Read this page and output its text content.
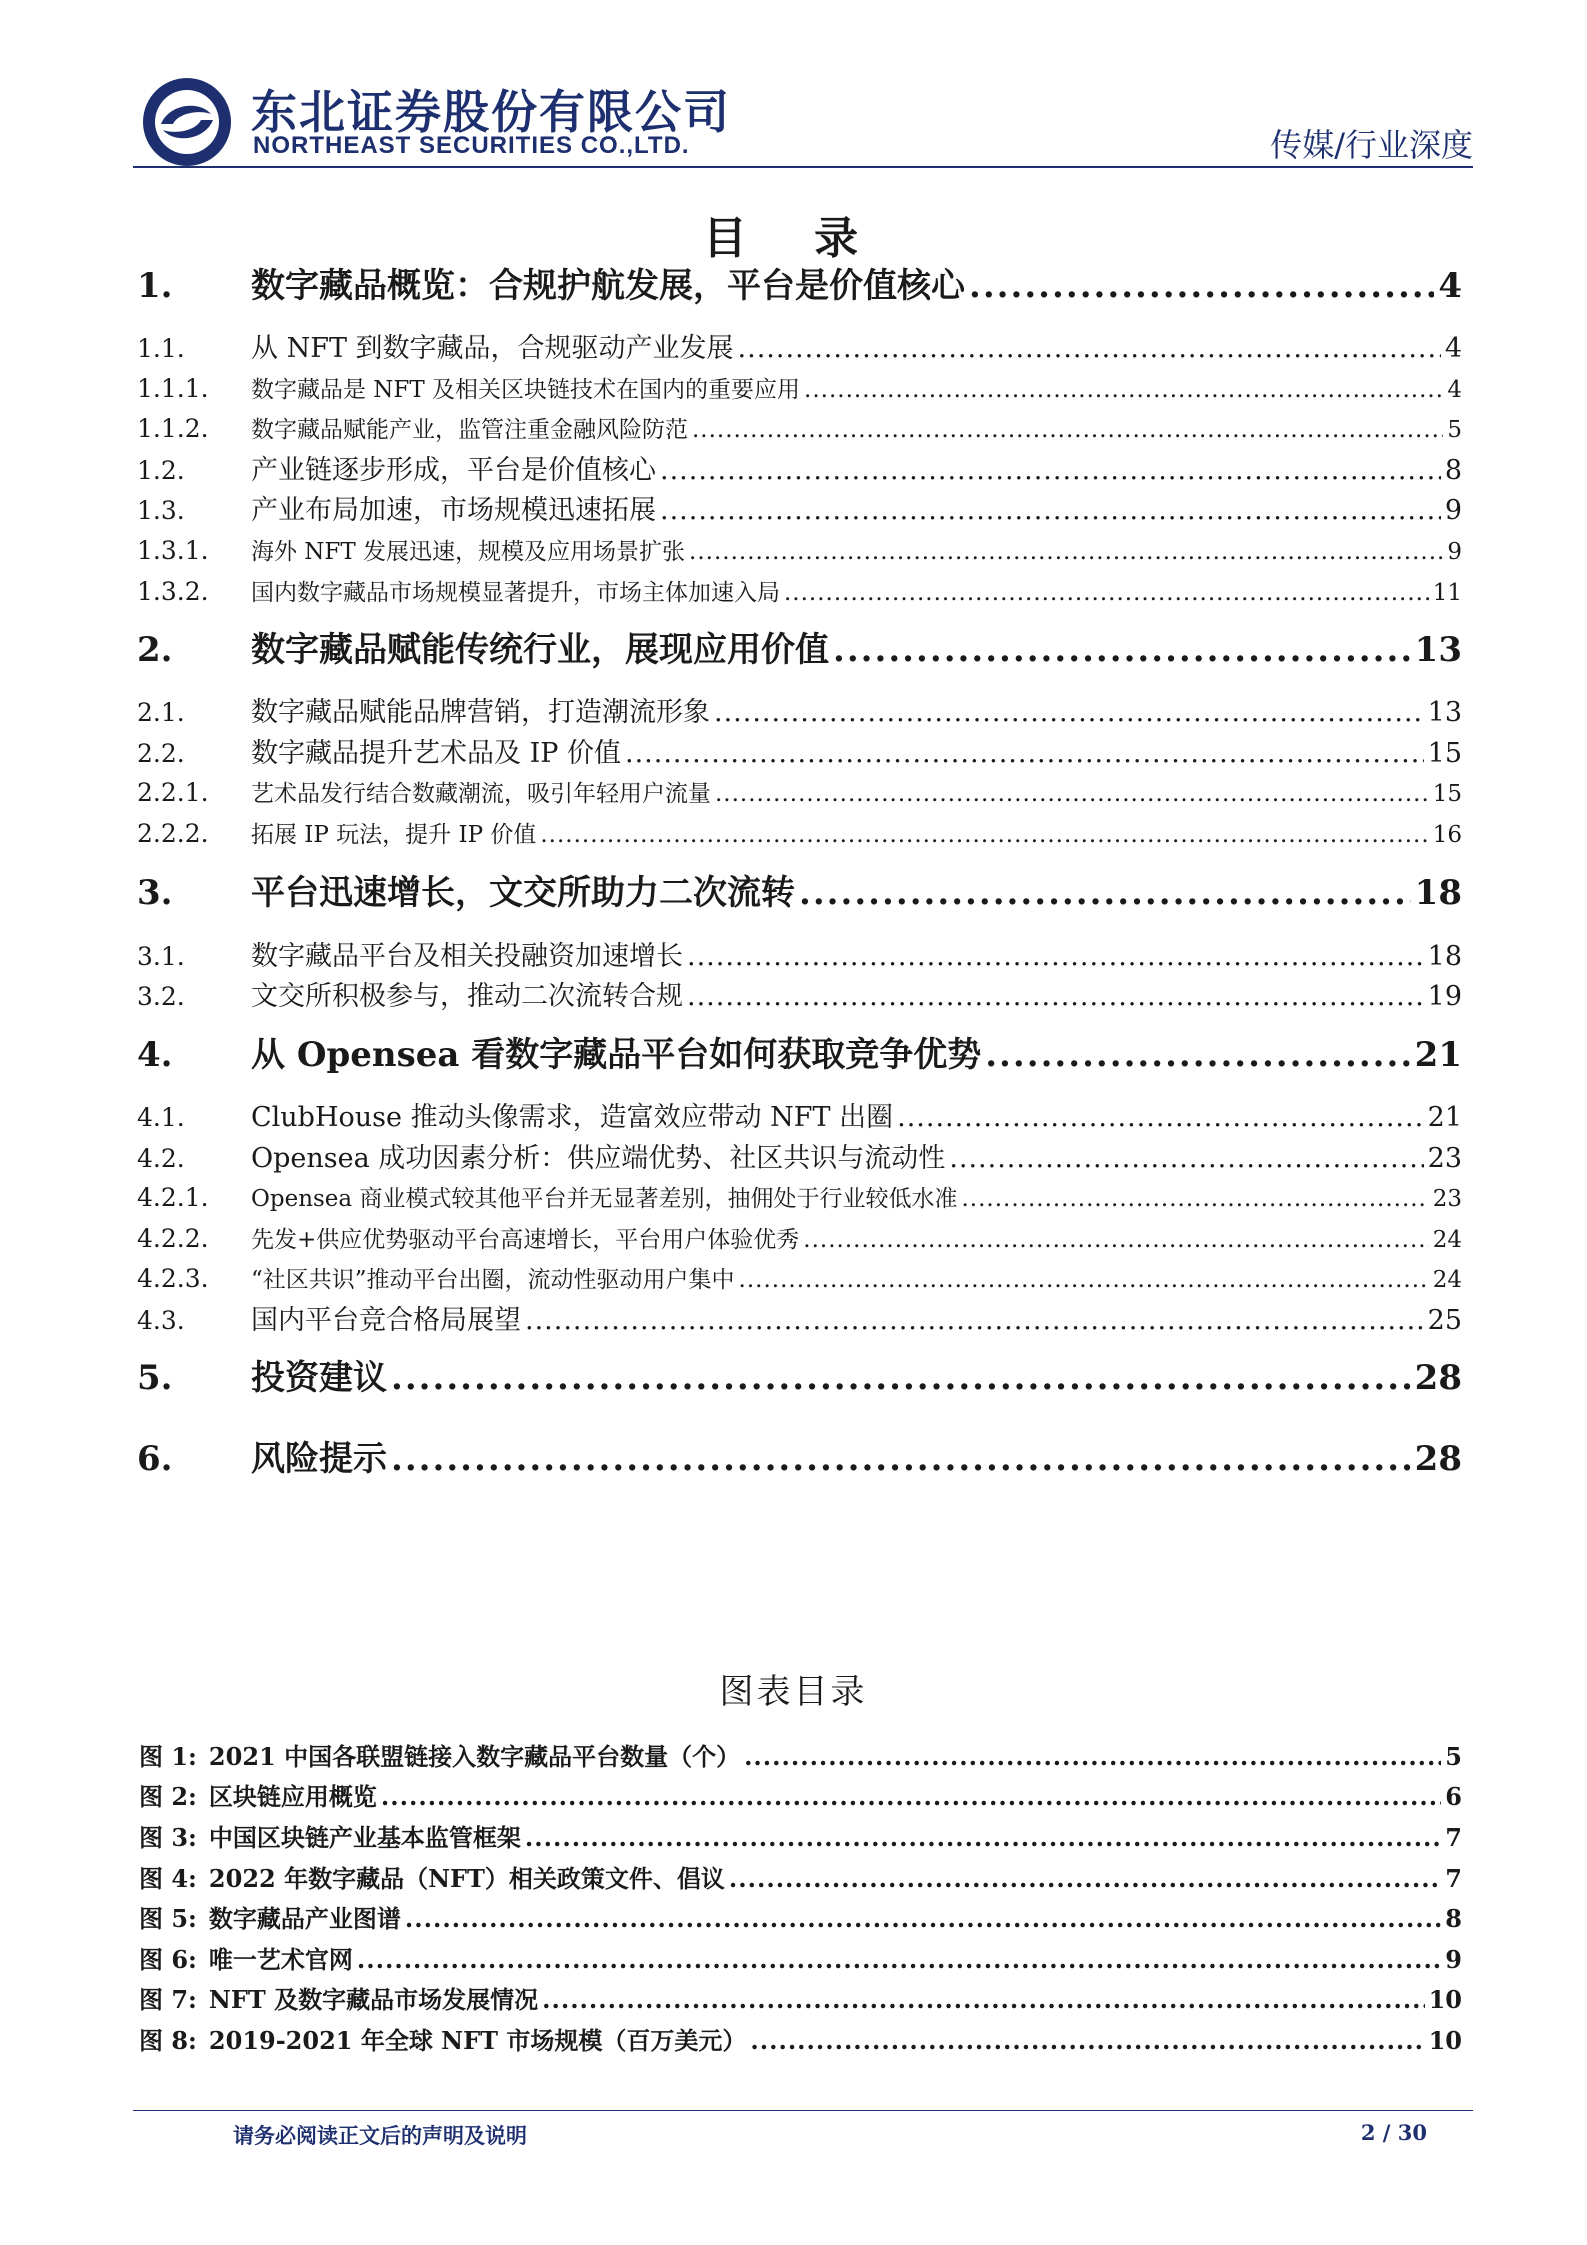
东北证券股份有限公司
NORTHEAST SECURITIES CO.,LTD.	传媒/行业深度
目 录
1.	数字藏品概览：合规护航发展，平台是价值核心 .....	4
1.1.	从 NFT 到数字藏品，合规驱动产业发展 .....	4
1.1.1.	数字藏品是 NFT 及相关区块链技术在国内的重要应用 .....	4
1.1.2.	数字藏品赋能产业，监管注重金融风险防范 .....	5
1.2.	产业链逐步形成，平台是价值核心 .....	8
1.3.	产业布局加速，市场规模迅速拓展 .....	9
1.3.1.	海外 NFT 发展迅速，规模及应用场景扩张 .....	9
1.3.2.	国内数字藏品市场规模显著提升，市场主体加速入局 .....	11
2.	数字藏品赋能传统行业，展现应用价值 .....	13
2.1.	数字藏品赋能品牌营销，打造潮流形象 .....	13
2.2.	数字藏品提升艺术品及 IP 价值 .....	15
2.2.1.	艺术品发行结合数藏潮流，吸引年轻用户流量 .....	15
2.2.2.	拓展 IP 玩法，提升 IP 价值 .....	16
3.	平台迅速增长，文交所助力二次流转 .....	18
3.1.	数字藏品平台及相关投融资加速增长 .....	18
3.2.	文交所积极参与，推动二次流转合规 .....	19
4.	从 Opensea 看数字藏品平台如何获取竞争优势 .....	21
4.1.	ClubHouse 推动头像需求，造富效应带动 NFT 出圈 .....	21
4.2.	Opensea 成功因素分析：供应端优势、社区共识与流动性 .....	23
4.2.1.	Opensea 商业模式较其他平台并无显著差别，抽佣处于行业较低水准 .....	23
4.2.2.	先发+供应优势驱动平台高速增长，平台用户体验优秀 .....	24
4.2.3.	“社区共识”推动平台出圈，流动性驱动用户集中 .....	24
4.3.	国内平台竞合格局展望 .....	25
5.	投资建议 .....	28
6.	风险提示 .....	28
图表目录
图 1: 2021 中国各联盟链接入数字藏品平台数量（个） .....	5
图 2: 区块链应用概览 .....	6
图 3: 中国区块链产业基本监管框架 .....	7
图 4: 2022 年数字藏品（NFT）相关政策文件、倡议 .....	7
图 5: 数字藏品产业图谱 .....	8
图 6: 唯一艺术官网 .....	9
图 7: NFT 及数字藏品市场发展情况 .....	10
图 8: 2019-2021 年全球 NFT 市场规模（百万美元） .....	10
请务必阅读正文后的声明及说明	2 / 30
